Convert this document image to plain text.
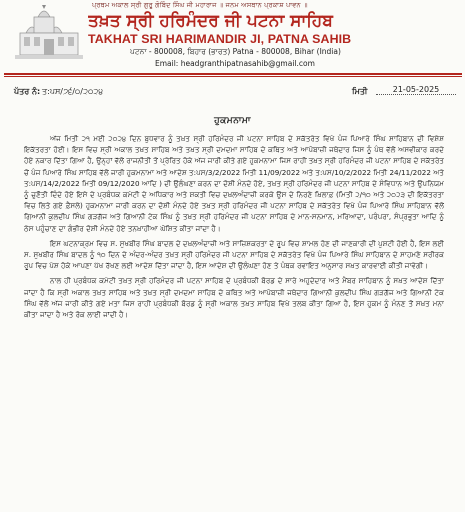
ਪ੍ਰਥਮ ਅਕਾਲ ਸ੍ਰੀ ਗੁਰੂ ਗੋਬਿੰਦ ਸਿੰਘ ਜੀ ਮਹਾਰਾਜ ॥ ਜਨਮ ਅਸਥਾਨ ਪ੍ਰਕਾਸ਼ ਪਾਵਨ ॥
ਤਖ਼ਤ ਸ੍ਰੀ ਹਰਿਮੰਦਰ ਜੀ ਪਟਨਾ ਸਾਹਿਬ
TAKHAT SRI HARIMANDIR JI, PATNA SAHIB
ਪਟਨਾ - 800008, ਬਿਹਾਰ (ਭਾਰਤ) Patna - 800008, Bihar (India)
Email: headgranthipatnasahib@gmail.com
ਪੱਤਰ ਨੰ: ਤ:ਪਸ/੭੬/੦/੨੦੨੪	ਮਿਤੀ	21-05-2025
ਹੁਕਮਨਾਮਾ

ਅੱਜ ਮਿਤੀ ੨੧ ਮਈ ੨੦੨੪ ਦਿਨ ਬੁਧਵਾਰ ਨੂੰ ਤਖ਼ਤ ਸ੍ਰੀ ਹਰਿਮੰਦਰ ਜੀ ਪਟਨਾ ਸਾਹਿਬ ਦੇ ਸਕੱਤਰੇਤ ਵਿਖੇ ਪੰਜ ਪਿਆਰੇ ਸਿੰਘ ਸਾਹਿਬਾਨ ਦੀ ਵਿਸ਼ੇਸ਼ ਇਕੱਤਰਤਾ ਹੋਈ। ਇਸ ਵਿਚ ਸ੍ਰੀ ਅਕਾਲ ਤਖ਼ਤ ਸਾਹਿਬ ਅਤੇ ਤਖ਼ਤ ਸ੍ਰੀ ਦਮਦਮਾ ਸਾਹਿਬ ਦੇ ਕਥਿਤ ਅਤੇ ਆਪੋਬਾਜ਼ੀ ਜਥੇਦਾਰ ਜਿਸ ਨੂੰ ਪੰਥ ਵੱਲੋਂ ਅਸਵੀਕਾਰ ਕਰਦੇ ਹੋਏ ਨਕਾਰ ਦਿੱਤਾ ਗਿਆ ਹੈ, ਉਨ੍ਹਾਂ ਵੱਲੋਂ ਰਾਜਨੀਤੀ ਤੋਂ ਪ੍ਰੇਰਿਤ ਹੋਕੇ ਅੱਜ ਜਾਰੀ ਕੀਤੇ ਗਏ ਹੁਕਮਨਾਮਾ ਜਿਸ ਰਾਹੀਂ ਤਖ਼ਤ ਸ੍ਰੀ ਹਰਿਮੰਦਰ ਜੀ ਪਟਨਾ ਸਾਹਿਬ ਦੇ ਸਕੱਤਰੇਤ ਚੋਂ ਪੰਜ ਪਿਆਰੇ ਸਿੰਘ ਸਾਹਿਬ ਵੱਲੋਂ ਜਾਰੀ ਹੁਕਮਨਾਮਾ ਅਤੇ ਆਦੇਸ਼ ਤ:ਪਸ/3/2/2022 ਮਿਤੀ 11/09/2022 ਅਤੇ ਤ:ਪਸ/10/2/2022 ਮਿਤੀ 24/11/2022 ਅਤੇ ਤ:ਪਸ/14/2/2022 ਮਿਤੀ 09/12/2020 ਆਦਿ ) ਦੀ ਉਲੰਘਣਾ ਕਰਨ ਦਾ ਦੋਸ਼ੀ ਮੰਨਦੇ ਹੋਏ, ਤਖ਼ਤ ਸ੍ਰੀ ਹਰਿਮੰਦਰ ਜੀ ਪਟਨਾ ਸਾਹਿਬ ਦੇ ਸੰਵਿਧਾਨ ਅਤੇ ਉਪਨਿਯਮ ਨੂੰ ਚੁਣੌਤੀ ਦਿੰਦੇ ਹੋਏ ਇਸੇ ਦੇ ਪ੍ਰਬੰਧਕ ਕਮੇਟੀ ਦੇ ਅਧਿਕਾਰ ਅਤੇ ਸ਼ਕਤੀ ਵਿਚ ਦਖ਼ਲਅੰਦਾਜ਼ੀ ਕਰਕੇ ਉਸ ਦੇ ਨਿਰਣੇ ਖ਼ਿਲਾਫ਼ (ਮਿਤੀ ੨/੧੦ ਅਤੇ ੨੦੨੩ ਦੀ ਇਕੱਤਰਤਾ ਵਿਚ ਲਿਤੇ ਗਏ ਫ਼ੈਸਲੇ) ਹੁਕਮਨਾਮਾ ਜਾਰੀ ਕਰਨ ਦਾ ਦੋਸ਼ੀ ਮੰਨਦੇ ਹੋਏ ਤਖ਼ਤ ਸ੍ਰੀ ਹਰਿਮੰਦਰ ਜੀ ਪਟਨਾ ਸਾਹਿਬ ਦੇ ਸਕੱਤਰੇਤ ਵਿਖੇ ਪੰਜ ਪਿਆਰੇ ਸਿੰਘ ਸਾਹਿਬਾਨ ਵੱਲੋਂ ਗਿਆਨੀ ਕੁਲਦੀਪ ਸਿੰਘ ਗੜਗੱਜ ਅਤੇ ਗਿਆਨੀ ਟੇਕ ਸਿੰਘ ਨੂੰ ਤਖ਼ਤ ਸ੍ਰੀ ਹਰਿਮੰਦਰ ਜੀ ਪਟਨਾ ਸਾਹਿਬ ਦੇ ਮਾਨ-ਸਨਮਾਨ, ਮਰਿਆਦਾ, ਪਰੰਪਰਾ, ਸੰਪ੍ਰਭੁਤਾ ਆਦਿ ਨੂੰ ਠੇਸ ਪਹੁੰਚਾਣ ਦਾ ਗੰਭੀਰ ਦੋਸ਼ੀ ਮੰਨਦੇ ਹੋਏ ਤਨਖ਼ਾਹੀਆ ਘੋਸ਼ਿਤ ਕੀਤਾ ਜਾਂਦਾ ਹੈ।

ਇਸ ਘਟਨਾਕ੍ਰਮ ਵਿਚ ਸ. ਸੁਖਬੀਰ ਸਿੰਘ ਬਾਦਲ ਦੇ ਦਖ਼ਲਅੰਦਾਜ਼ੀ ਅਤੇ ਸਾਜ਼ਿਸ਼ਕਰਤਾ ਦੇ ਰੂਪ ਵਿਚ ਸ਼ਾਮਲ ਹੋਣ ਦੀ ਜਾਣਕਾਰੀ ਦੀ ਪੁਸ਼ਟੀ ਹੋਈ ਹੈ, ਇਸ ਲਈ ਸ. ਸੁਖਬੀਰ ਸਿੰਘ ਬਾਦਲ ਨੂੰ ੧੦ ਦਿਨ ਦੇ ਅੰਦਰ-ਅੰਦਰ ਤਖ਼ਤ ਸ੍ਰੀ ਹਰਿਮੰਦਰ ਜੀ ਪਟਨਾ ਸਾਹਿਬ ਦੇ ਸਕੱਤਰੇਤ ਵਿਖੇ ਪੰਜ ਪਿਆਰੇ ਸਿੰਘ ਸਾਹਿਬਾਨ ਦੇ ਸਾਹਮਣੇ ਸਰੀਰਕ ਰੂਪ ਵਿਚ ਪੇਸ਼ ਹੋਕੇ ਆਪਣਾ ਪੱਖ ਰੱਖਣ ਲਈ ਆਦੇਸ਼ ਦਿੱਤਾ ਜਾਂਦਾ ਹੈ, ਇਸ ਆਦੇਸ਼ ਦੀ ਉਲੰਘਣਾ ਹੋਣ ਤੇ ਪੰਥਕ ਰਵਾਇਤ ਅਨੁਸਾਰ ਸਖ਼ਤ ਕਾਰਵਾਈ ਕੀਤੀ ਜਾਵੇਗੀ।

ਨਾਲ ਹੀ ਪ੍ਰਬੰਧਕ ਕਮੇਟੀ ਤਖ਼ਤ ਸ੍ਰੀ ਹਰਿਮੰਦਰ ਜੀ ਪਟਨਾ ਸਾਹਿਬ ਦੇ ਪ੍ਰਬੰਧਕੀ ਬੋਰਡ ਦੇ ਸਾਰੇ ਅਹੁਦੇਦਾਰ ਅਤੇ ਮੈਂਬਰ ਸਾਹਿਬਾਨ ਨੂੰ ਸਖ਼ਤ ਆਦੇਸ਼ ਦਿੱਤਾ ਜਾਂਦਾ ਹੈ ਕਿ ਸ੍ਰੀ ਅਕਾਲ ਤਖ਼ਤ ਸਾਹਿਬ ਅਤੇ ਤਖ਼ਤ ਸ੍ਰੀ ਦਮਦਮਾ ਸਾਹਿਬ ਦੇ ਕਥਿਤ ਅਤੇ ਆਪੋਬਾਜ਼ੀ ਜਥੇਦਾਰ ਗਿਆਨੀ ਕੁਲਦੀਪ ਸਿੰਘ ਗੜਗੱਜ ਅਤੇ ਗਿਆਨੀ ਟੇਕ ਸਿੰਘ ਵੱਲੋਂ ਅੱਜ ਜਾਰੀ ਕੀਤੇ ਗਏ ਮਤਾ ਜਿਸ ਰਾਹੀਂ ਪ੍ਰਬੰਧਕੀ ਬੋਰਡ ਨੂੰ ਸ੍ਰੀ ਅਕਾਲ ਤਖ਼ਤ ਸਾਹਿਬ ਵਿਖੇ ਤਲਬ ਕੀਤਾ ਗਿਆ ਹੈ, ਇਸ ਹੁਕਮ ਨੂੰ ਮੰਨਣ ਤੋਂ ਸਖ਼ਤ ਮਨਾ ਕੀਤਾ ਜਾਂਦਾ ਹੈ ਅਤੇ ਰੋਕ ਲਾਈ ਜਾਂਦੀ ਹੈ।
